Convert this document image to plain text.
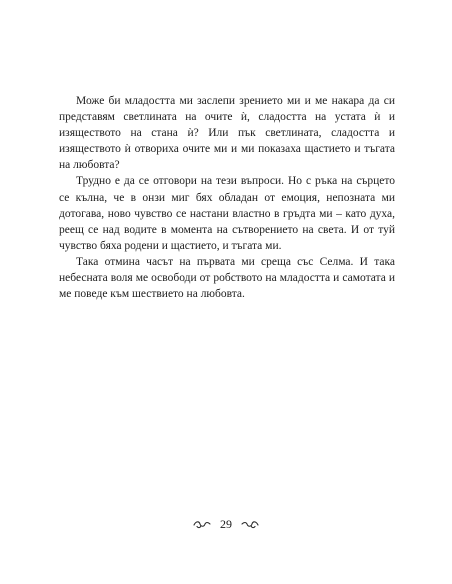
Може би младостта ми заслепи зрението ми и ме накара да си представям светлината на очите ѝ, сладостта на устата ѝ и изяществото на стана ѝ? Или пък светлината, сладостта и изяществото ѝ отвориха очите ми и ми показаха щастието и тъгата на любовта?

Трудно е да се отговори на тези въпроси. Но с ръка на сърцето се кълна, че в онзи миг бях обладан от емоция, непозната ми дотогава, ново чувство се настани властно в гръдта ми – като духа, реещ се над водите в момента на сътворението на света. И от туй чувство бяха родени и щастието, и тъгата ми.

Така отмина часът на първата ми среща със Селма. И така небесната воля ме освободи от робството на младостта и самотата и ме поведе към шествието на любовта.

29
